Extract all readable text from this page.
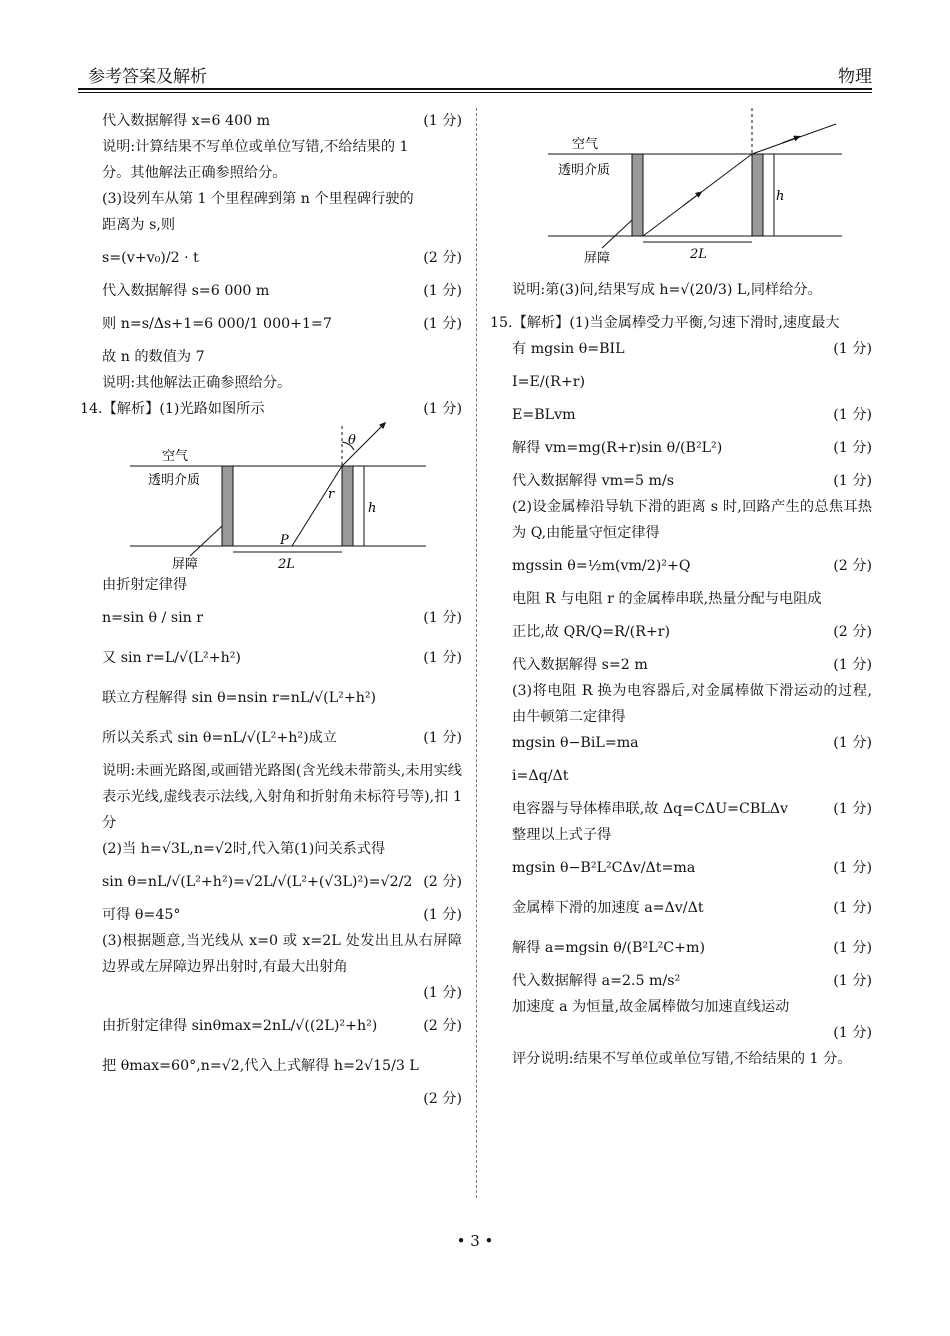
参考答案及解析	物理
代入数据解得 x=6 400 m	(1 分)
说明:计算结果不写单位或单位写错,不给结果的 1
分。其他解法正确参照给分。
(3)设列车从第 1 个里程碑到第 n 个里程碑行驶的
距离为 s,则
s=(v+v₀)/2 · t	(2 分)
代入数据解得 s=6 000 m	(1 分)
则 n=s/Δs+1=6 000/1 000+1=7	(1 分)
故 n 的数值为 7
说明:其他解法正确参照给分。
14.【解析】(1)光路如图所示	(1 分)
空气
透明介质
屏障
θ
r
h
P
2L
由折射定律得
n=sin θ / sin r	(1 分)
又 sin r=L/√(L²+h²)	(1 分)
联立方程解得 sin θ=nsin r=nL/√(L²+h²)
所以关系式 sin θ=nL/√(L²+h²)成立	(1 分)
说明:未画光路图,或画错光路图(含光线未带箭头,未用实线表示光线,虚线表示法线,入射角和折射角未标符号等),扣 1 分
(2)当 h=√3L,n=√2时,代入第(1)问关系式得
sin θ=nL/√(L²+h²)=√2L/√(L²+(√3L)²)=√2/2 (2 分)
可得 θ=45°	(1 分)
(3)根据题意,当光线从 x=0 或 x=2L 处发出且从右屏障边界或左屏障边界出射时,有最大出射角
(1 分)
由折射定律得 sinθmax=2nL/√((2L)²+h²)	(2 分)
把 θmax=60°,n=√2,代入上式解得 h=2√15/3 L
(2 分)
空气
透明介质
屏障
h
2L
说明:第(3)问,结果写成 h=√(20/3) L,同样给分。
15.【解析】(1)当金属棒受力平衡,匀速下滑时,速度最大
有 mgsin θ=BIL	(1 分)
I=E/(R+r)
E=BLvm	(1 分)
解得 vm=mg(R+r)sin θ/(B²L²)	(1 分)
代入数据解得 vm=5 m/s	(1 分)
(2)设金属棒沿导轨下滑的距离 s 时,回路产生的总焦耳热为 Q,由能量守恒定律得
mgssin θ=½m(vm/2)²+Q	(2 分)
电阻 R 与电阻 r 的金属棒串联,热量分配与电阻成
正比,故 QR/Q=R/(R+r)	(2 分)
代入数据解得 s=2 m	(1 分)
(3)将电阻 R 换为电容器后,对金属棒做下滑运动的过程,由牛顿第二定律得
mgsin θ−BiL=ma	(1 分)
i=Δq/Δt
电容器与导体棒串联,故 Δq=CΔU=CBLΔv	(1 分)
整理以上式子得
mgsin θ−B²L²CΔv/Δt=ma	(1 分)
金属棒下滑的加速度 a=Δv/Δt	(1 分)
解得 a=mgsin θ/(B²L²C+m)	(1 分)
代入数据解得 a=2.5 m/s²	(1 分)
加速度 a 为恒量,故金属棒做匀加速直线运动
(1 分)
评分说明:结果不写单位或单位写错,不给结果的 1 分。
• 3 •
